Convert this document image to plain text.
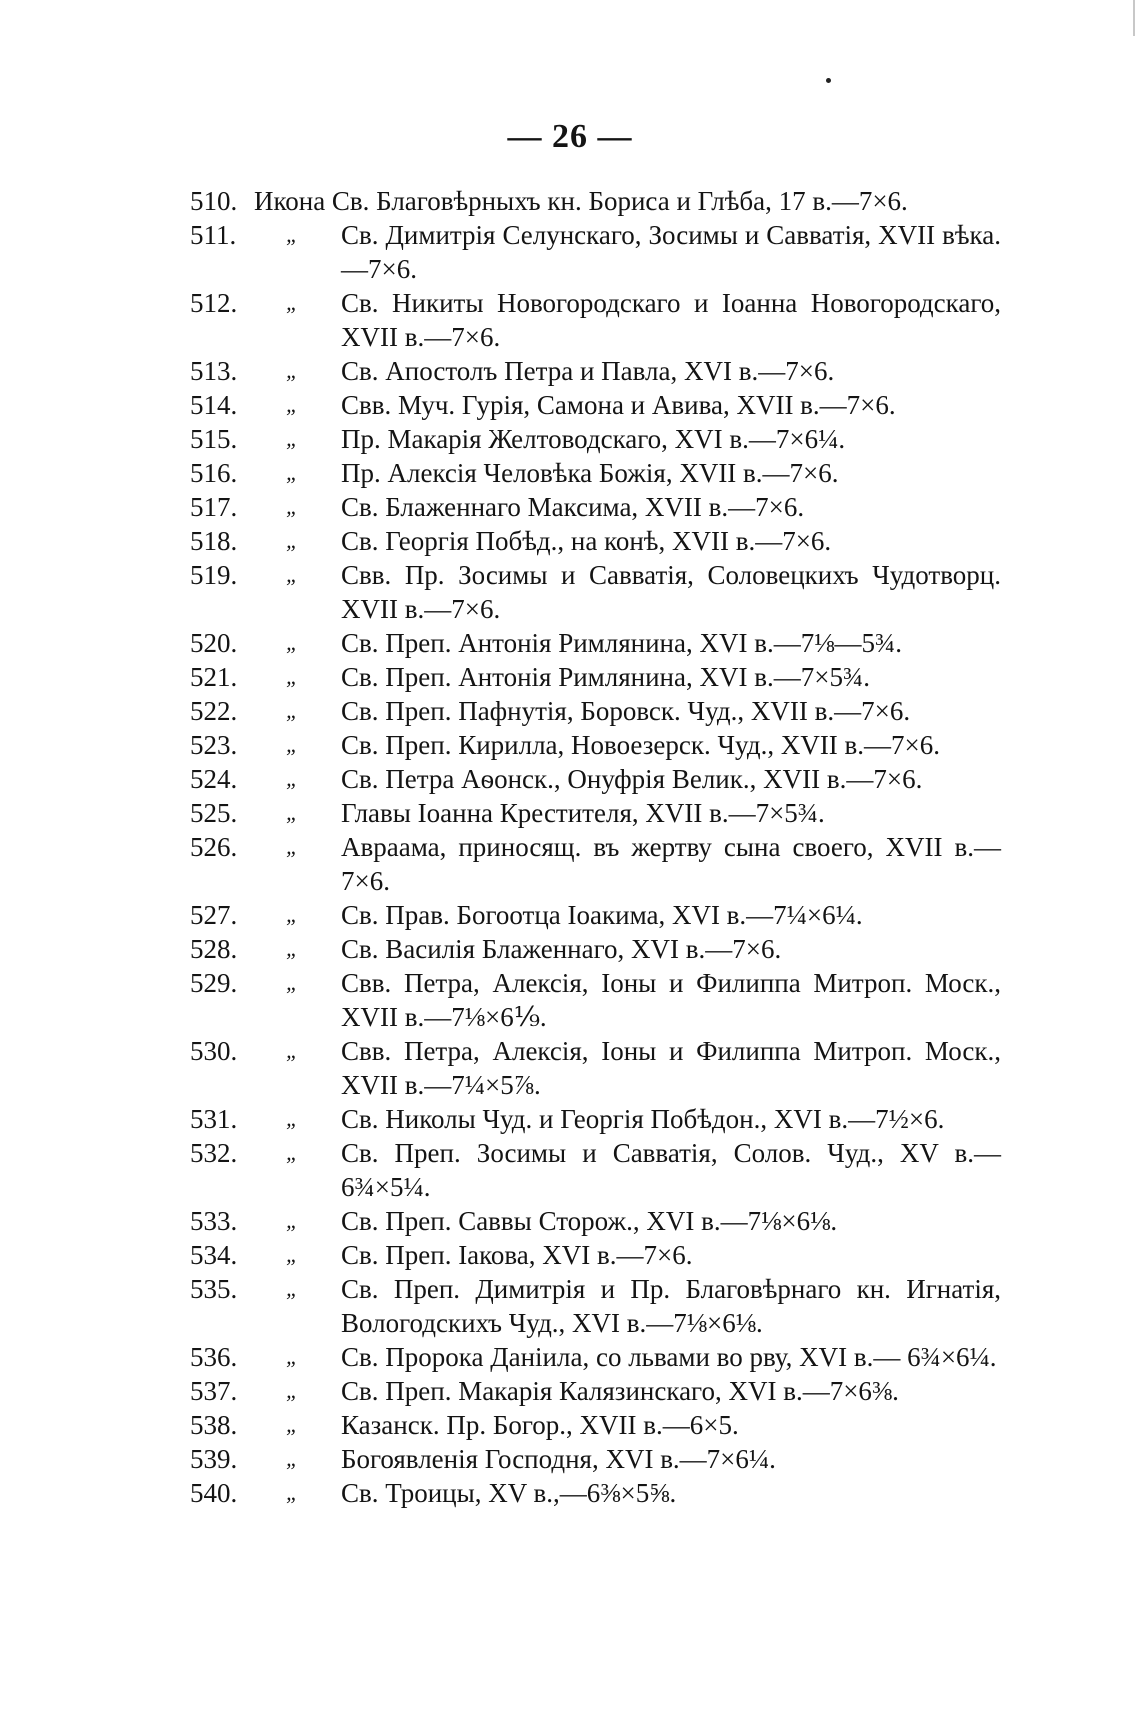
— 26 —
510. Икона Св. Благовѣрныхъ кн. Бориса и Глѣба, 17 в.—7×6.
511.	„ Св. Димитрія Селунскаго, Зосимы и Савватія, XVII вѣка.—7×6.
512.	„ Св. Никиты Новогородскаго и Іоанна Новогородскаго, XVII в.—7×6.
513.	„ Св. Апостолъ Петра и Павла, XVI в.—7×6.
514.	„ Свв. Муч. Гурія, Самона и Авива, XVII в.—7×6.
515.	„ Пр. Макарія Желтоводскаго, XVI в.—7×6¼.
516.	„ Пр. Алексія Человѣка Божія, XVII в.—7×6.
517.	„ Св. Блаженнаго Максима, XVII в.—7×6.
518.	„ Св. Георгія Побѣд., на конѣ, XVII в.—7×6.
519.	„ Свв. Пр. Зосимы и Савватія, Соловецкихъ Чудотворц. XVII в.—7×6.
520.	„ Св. Преп. Антонія Римлянина, XVI в.—7⅛—5¾.
521.	„ Св. Преп. Антонія Римлянина, XVI в.—7×5¾.
522.	„ Св. Преп. Пафнутія, Боровск. Чуд., XVII в.—7×6.
523.	„ Св. Преп. Кирилла, Новоезерск. Чуд., XVII в.—7×6.
524.	„ Св. Петра Аѳонск., Онуфрія Велик., XVII в.—7×6.
525.	„ Главы Іоанна Крестителя, XVII в.—7×5¾.
526.	„ Авраама, приносящ. въ жертву сына своего, XVII в.— 7×6.
527.	„ Св. Прав. Богоотца Іоакима, XVI в.—7¼×6¼.
528.	„ Св. Василія Блаженнаго, XVI в.—7×6.
529.	„ Свв. Петра, Алексія, Іоны и Филиппа Митроп. Моск., XVII в.—7⅛×6⅑.
530.	„ Свв. Петра, Алексія, Іоны и Филиппа Митроп. Моск., XVII в.—7¼×5⅞.
531.	„ Св. Николы Чуд. и Георгія Побѣдон., XVI в.—7½×6.
532.	„ Св. Преп. Зосимы и Савватія, Солов. Чуд., XV в.— 6¾×5¼.
533.	„ Св. Преп. Саввы Сторож., XVI в.—7⅛×6⅛.
534.	„ Св. Преп. Іакова, XVI в.—7×6.
535.	„ Св. Преп. Димитрія и Пр. Благовѣрнаго кн. Игнатія, Вологодскихъ Чуд., XVI в.—7⅛×6⅛.
536.	„ Св. Пророка Даніила, со львами во рву, XVI в.— 6¾×6¼.
537.	„ Св. Преп. Макарія Калязинскаго, XVI в.—7×6⅜.
538.	„ Казанск. Пр. Богор., XVII в.—6×5.
539.	„ Богоявленія Господня, XVI в.—7×6¼.
540.	„ Св. Троицы, XV в.,—6⅜×5⅝.
